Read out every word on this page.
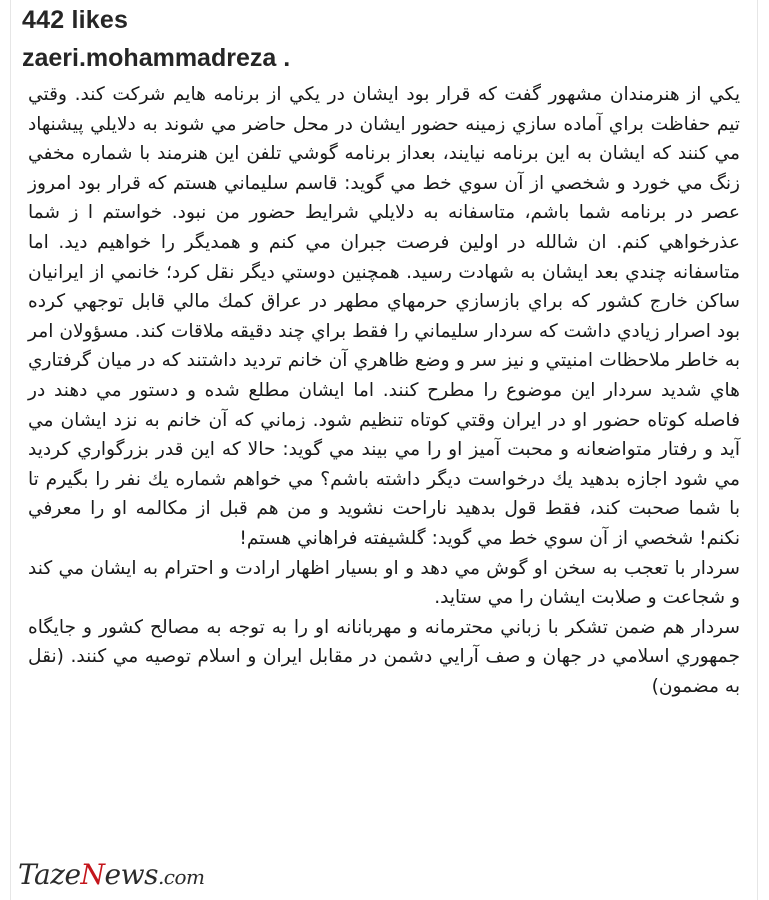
442 likes
zaeri.mohammadreza .

يكي از هنرمندان مشهور گفت كه قرار بود ايشان در يكي از برنامه هايم شركت كند. وقتي تيم حفاظت براي آماده سازي زمينه حضور ايشان در محل حاضر مي شوند به دلايلي پيشنهاد مي كنند كه ايشان به اين برنامه نيايند، بعداز برنامه گوشي تلفن اين هنرمند با شماره مخفي زنگ مي خورد و شخصي از آن سوي خط مي گويد: قاسم سليماني هستم كه قرار بود امروز عصر در برنامه شما باشم، متاسفانه به دلايلي شرايط حضور من نبود. خواستم ا ز شما عذرخواهي كنم. ان شالله در اولين فرصت جبران مي كنم و همديگر را خواهيم ديد. اما متاسفانه چندي بعد ايشان به شهادت رسيد. همچنين دوستي ديگر نقل كرد؛ خانمي از ايرانيان ساكن خارج كشور كه براي بازسازي حرمهاي مطهر در عراق كمك مالي قابل توجهي كرده بود اصرار زيادي داشت كه سردار سليماني را فقط براي چند دقيقه ملاقات كند. مسؤولان امر به خاطر ملاحظات امنيتي و نيز سر و وضع ظاهري آن خانم ترديد داشتند كه در ميان گرفتاري هاي شديد سردار اين موضوع را مطرح كنند. اما ايشان مطلع شده و دستور مي دهند در فاصله كوتاه حضور او در ايران وقتي كوتاه تنظيم شود. زماني كه آن خانم به نزد ايشان مي آيد و رفتار متواضعانه و محبت آميز او را مي بيند مي گويد: حالا كه اين قدر بزرگواري كرديد مي شود اجازه بدهيد يك درخواست ديگر داشته باشم؟ مي خواهم شماره يك نفر را بگيرم تا با شما صحبت كند، فقط قول بدهيد ناراحت نشويد و من هم قبل از مكالمه او را معرفي نكنم! شخصي از آن سوي خط مي گويد: گلشيفته فراهاني هستم!

سردار با تعجب به سخن او گوش مي دهد و او بسيار اظهار ارادت و احترام به ايشان مي كند و شجاعت و صلابت ايشان را مي ستايد.

سردار هم ضمن تشكر با زباني محترمانه و مهربانانه او را به توجه به مصالح كشور و جايگاه جمهوري اسلامي در جهان و صف آرايي دشمن در مقابل ايران و اسلام توصيه مي كنند. (نقل به مضمون)

TazeNews.com
